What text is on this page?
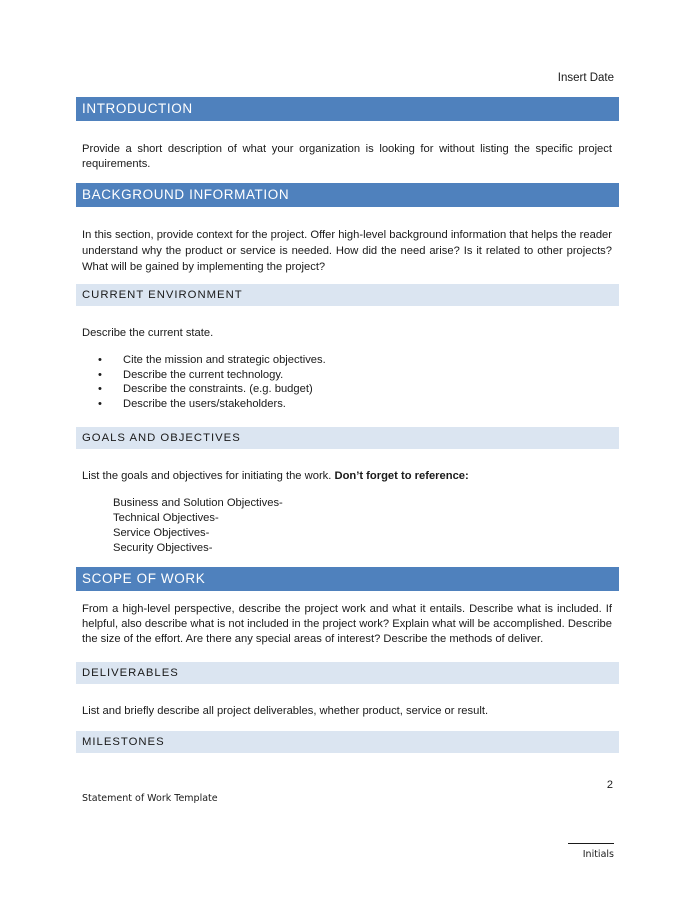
Insert Date
INTRODUCTION
Provide a short description of what your organization is looking for without listing the specific project requirements.
BACKGROUND INFORMATION
In this section, provide context for the project. Offer high-level background information that helps the reader understand why the product or service is needed. How did the need arise? Is it related to other projects? What will be gained by implementing the project?
CURRENT ENVIRONMENT
Describe the current state.
• Cite the mission and strategic objectives.
• Describe the current technology.
• Describe the constraints. (e.g. budget)
• Describe the users/stakeholders.
GOALS AND OBJECTIVES
List the goals and objectives for initiating the work. Don’t forget to reference:
Business and Solution Objectives-
Technical Objectives-
Service Objectives-
Security Objectives-
SCOPE OF WORK
From a high-level perspective, describe the project work and what it entails. Describe what is included. If helpful, also describe what is not included in the project work? Explain what will be accomplished. Describe the size of the effort. Are there any special areas of interest? Describe the methods of deliver.
DELIVERABLES
List and briefly describe all project deliverables, whether product, service or result.
MILESTONES
2
Statement of Work Template
Initials
